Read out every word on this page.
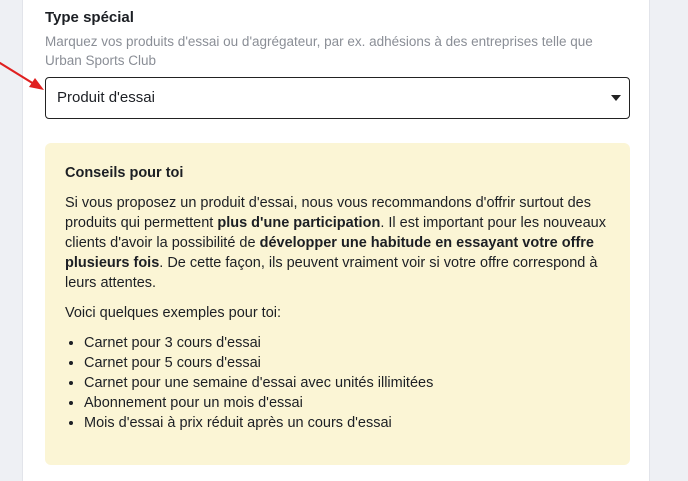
Type spécial
Marquez vos produits d'essai ou d'agrégateur, par ex. adhésions à des entreprises telle que Urban Sports Club
Produit d'essai

Conseils pour toi

Si vous proposez un produit d'essai, nous vous recommandons d'offrir surtout des produits qui permettent plus d'une participation. Il est important pour les nouveaux clients d'avoir la possibilité de développer une habitude en essayant votre offre plusieurs fois. De cette façon, ils peuvent vraiment voir si votre offre correspond à leurs attentes.

Voici quelques exemples pour toi:

• Carnet pour 3 cours d'essai
• Carnet pour 5 cours d'essai
• Carnet pour une semaine d'essai avec unités illimitées
• Abonnement pour un mois d'essai
• Mois d'essai à prix réduit après un cours d'essai
